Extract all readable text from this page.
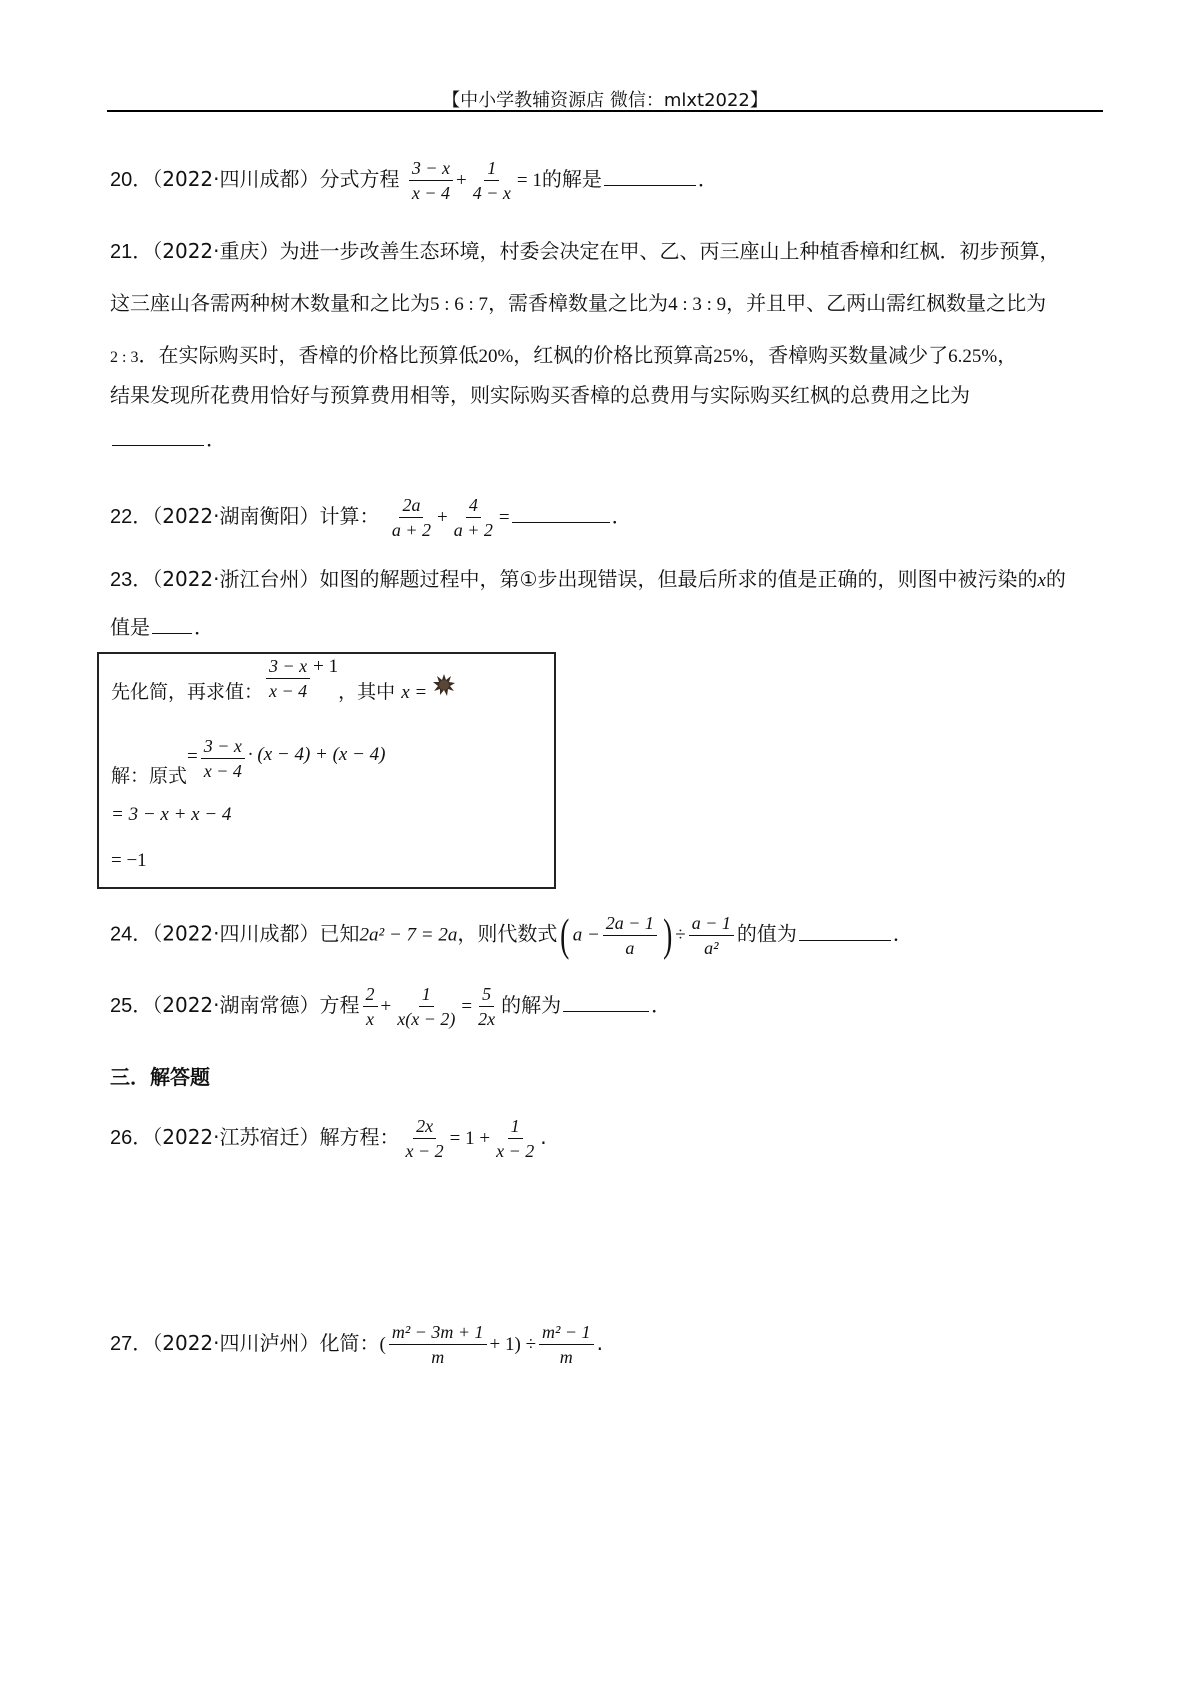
【中小学教辅资源店 微信：mlxt2022】
20．（2022·四川成都）分式方程 $\frac{3 - x}{x - 4} + \frac{1}{4 - x} = 1$的解是	．
21．（2022·重庆）为进一步改善生态环境，村委会决定在甲、乙、丙三座山上种植香樟和红枫．初步预算，
这三座山各需两种树木数量和之比为5 : 6 : 7，需香樟数量之比为4 : 3 : 9，并且甲、乙两山需红枫数量之比为
2 : 3．在实际购买时，香樟的价格比预算低20%，红枫的价格比预算高25%，香樟购买数量减少了6.25%，
结果发现所花费用恰好与预算费用相等，则实际购买香樟的总费用与实际购买红枫的总费用之比为
．
22．（2022·湖南衡阳）计算： $\frac{2a}{a + 2} + \frac{4}{a + 2}$ =	．
23．（2022·浙江台州）如图的解题过程中，第①步出现错误，但最后所求的值是正确的，则图中被污染的x的
值是 ．
先化简，再求值： $\frac{3 - x}{x - 4} + 1$，其中 x =
解：原式= $\frac{3 - x}{x - 4} \cdot (x - 4) + (x - 4)$
= 3 − x + x − 4
= −1
24．（2022·四川成都）已知2a² − 7 = 2a，则代数式( $a - \frac{2a - 1}{a}$ ) ÷ $\frac{a - 1}{\text{a²}}$ 的值为	．
25．（2022·湖南常德）方程 $\frac{2}{x} + \frac{1}{x(x - 2)} = \frac{5}{2x}$ 的解为	．
三．解答题
26．（2022·江苏宿迁）解方程： $\frac{2x}{x - 2} = 1 + \frac{1}{x - 2}$ .
27．（2022·四川泸州）化简：( $\frac{\text{m² − 3m + 1}}{m} + 1) \div \frac{\text{m² − 1}}{m}$ .
